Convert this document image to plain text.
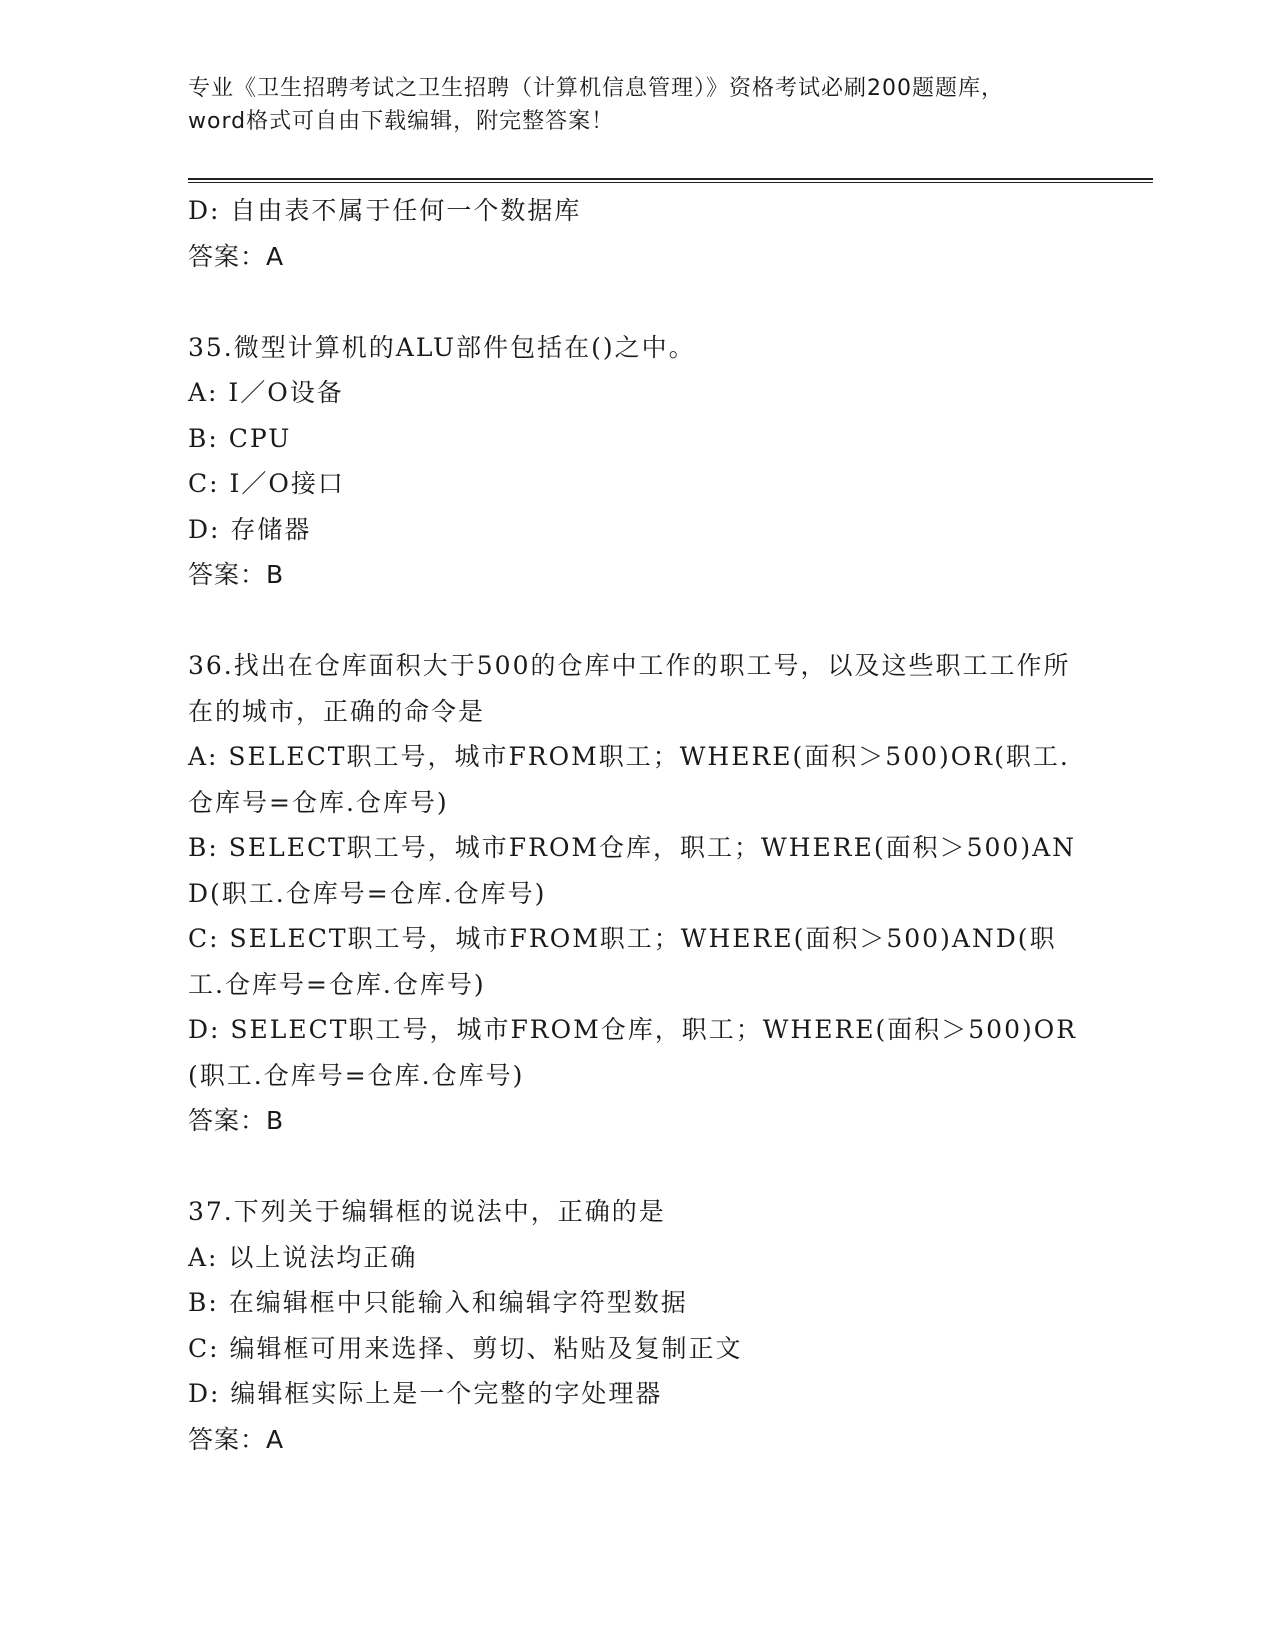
专业《卫生招聘考试之卫生招聘（计算机信息管理）》资格考试必刷200题题库，
word格式可自由下载编辑，附完整答案！
D: 自由表不属于任何一个数据库
答案：A
35.微型计算机的ALU部件包括在()之中。
A: I／O设备
B: CPU
C: I／O接口
D: 存储器
答案：B
36.找出在仓库面积大于500的仓库中工作的职工号，以及这些职工工作所在的城市，正确的命令是
A: SELECT职工号，城市FROM职工；WHERE(面积＞500)OR(职工.仓库号=仓库.仓库号)
B: SELECT职工号，城市FROM仓库，职工；WHERE(面积＞500)AND(职工.仓库号=仓库.仓库号)
C: SELECT职工号，城市FROM职工；WHERE(面积＞500)AND(职工.仓库号=仓库.仓库号)
D: SELECT职工号，城市FROM仓库，职工；WHERE(面积＞500)OR(职工.仓库号=仓库.仓库号)
答案：B
37.下列关于编辑框的说法中，正确的是
A: 以上说法均正确
B: 在编辑框中只能输入和编辑字符型数据
C: 编辑框可用来选择、剪切、粘贴及复制正文
D: 编辑框实际上是一个完整的字处理器
答案：A
